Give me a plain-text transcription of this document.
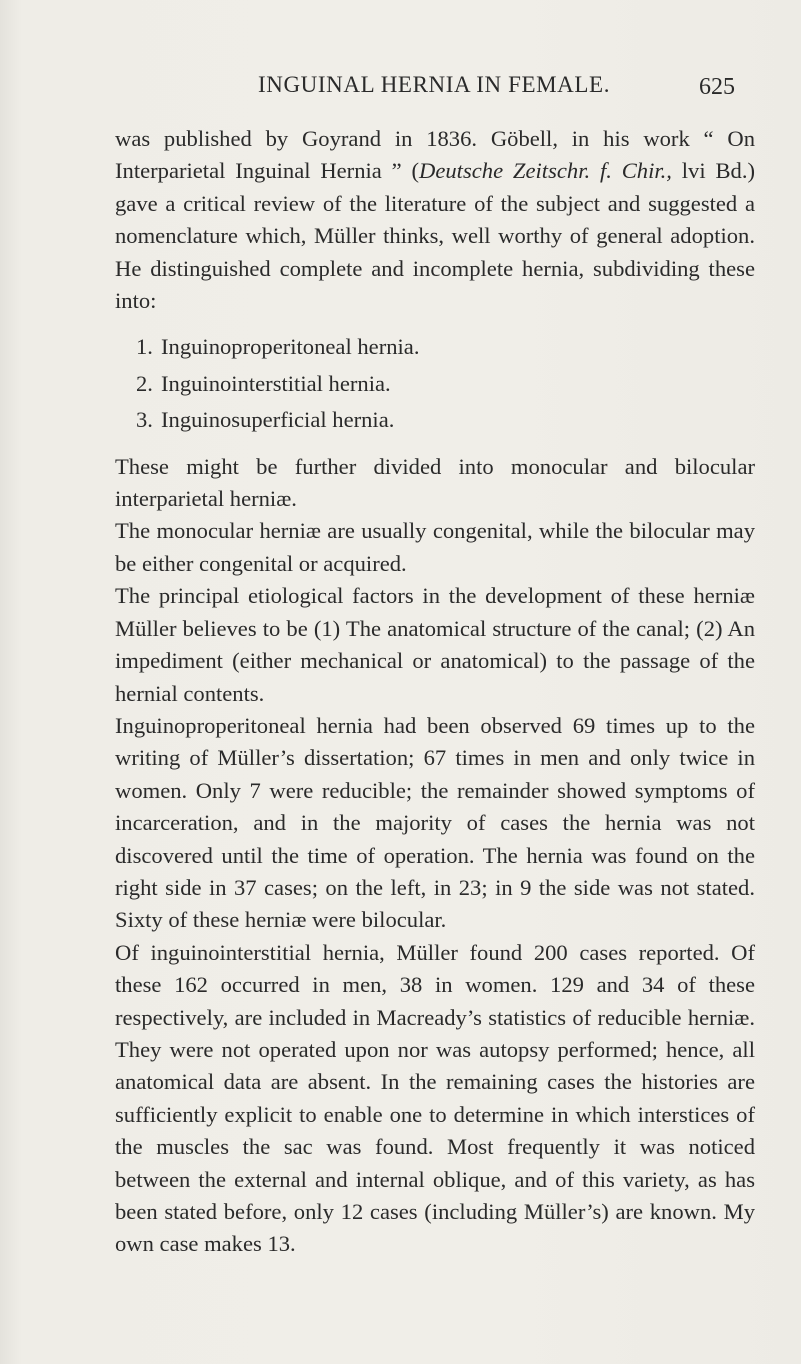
INGUINAL HERNIA IN FEMALE.	625

was published by Goyrand in 1836. Göbell, in his work “ On Interparietal Inguinal Hernia ” (Deutsche Zeitschr. f. Chir., lvi Bd.) gave a critical review of the literature of the subject and suggested a nomenclature which, Müller thinks, well worthy of general adoption. He distinguished complete and incomplete hernia, subdividing these into:

1. Inguinoproperitoneal hernia.
2. Inguinointerstitial hernia.
3. Inguinosuperficial hernia.

These might be further divided into monocular and bilocular interparietal herniæ.

The monocular herniæ are usually congenital, while the bilocular may be either congenital or acquired.

The principal etiological factors in the development of these herniæ Müller believes to be (1) The anatomical structure of the canal; (2) An impediment (either mechanical or anatomical) to the passage of the hernial contents.

Inguinoproperitoneal hernia had been observed 69 times up to the writing of Müller’s dissertation; 67 times in men and only twice in women. Only 7 were reducible; the remainder showed symptoms of incarceration, and in the majority of cases the hernia was not discovered until the time of operation. The hernia was found on the right side in 37 cases; on the left, in 23; in 9 the side was not stated. Sixty of these herniæ were bilocular.

Of inguinointerstitial hernia, Müller found 200 cases reported. Of these 162 occurred in men, 38 in women. 129 and 34 of these respectively, are included in Macready’s statistics of reducible herniæ. They were not operated upon nor was autopsy performed; hence, all anatomical data are absent. In the remaining cases the histories are sufficiently explicit to enable one to determine in which interstices of the muscles the sac was found. Most frequently it was noticed between the external and internal oblique, and of this variety, as has been stated before, only 12 cases (including Müller’s) are known. My own case makes 13.
